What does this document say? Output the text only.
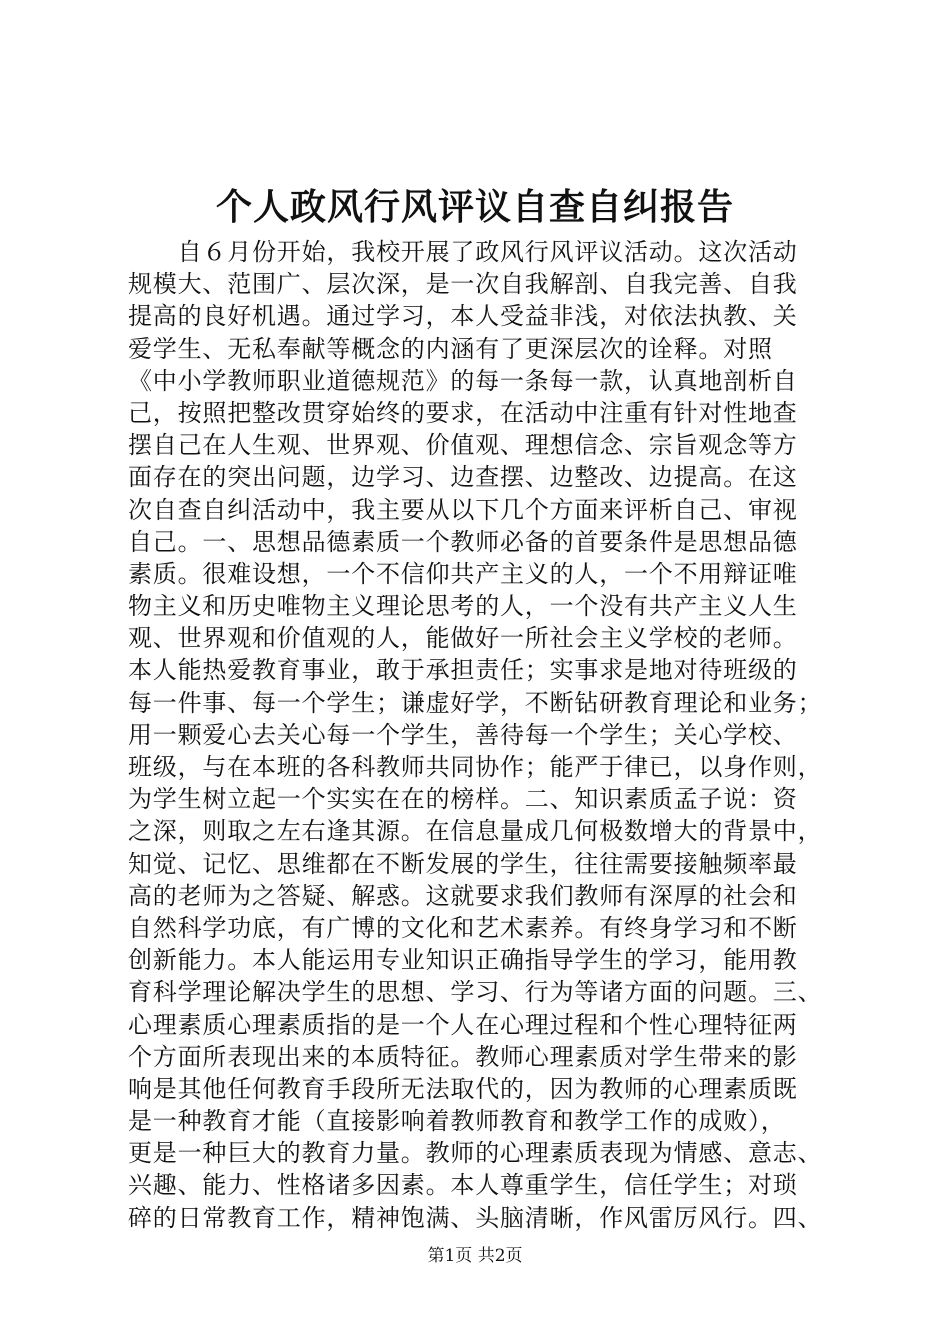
个人政风行风评议自查自纠报告
　　自６月份开始，我校开展了政风行风评议活动。这次活动
规模大、范围广、层次深，是一次自我解剖、自我完善、自我
提高的良好机遇。通过学习，本人受益非浅，对依法执教、关
爱学生、无私奉献等概念的内涵有了更深层次的诠释。对照
《中小学教师职业道德规范》的每一条每一款，认真地剖析自
己，按照把整改贯穿始终的要求，在活动中注重有针对性地查
摆自己在人生观、世界观、价值观、理想信念、宗旨观念等方
面存在的突出问题，边学习、边查摆、边整改、边提高。在这
次自查自纠活动中，我主要从以下几个方面来评析自己、审视
自己。一、思想品德素质一个教师必备的首要条件是思想品德
素质。很难设想，一个不信仰共产主义的人，一个不用辩证唯
物主义和历史唯物主义理论思考的人，一个没有共产主义人生
观、世界观和价值观的人，能做好一所社会主义学校的老师。
本人能热爱教育事业，敢于承担责任；实事求是地对待班级的
每一件事、每一个学生；谦虚好学，不断钻研教育理论和业务；
用一颗爱心去关心每一个学生，善待每一个学生；关心学校、
班级，与在本班的各科教师共同协作；能严于律已，以身作则，
为学生树立起一个实实在在的榜样。二、知识素质孟子说：资
之深，则取之左右逢其源。在信息量成几何极数增大的背景中，
知觉、记忆、思维都在不断发展的学生，往往需要接触频率最
高的老师为之答疑、解惑。这就要求我们教师有深厚的社会和
自然科学功底，有广博的文化和艺术素养。有终身学习和不断
创新能力。本人能运用专业知识正确指导学生的学习，能用教
育科学理论解决学生的思想、学习、行为等诸方面的问题。三、
心理素质心理素质指的是一个人在心理过程和个性心理特征两
个方面所表现出来的本质特征。教师心理素质对学生带来的影
响是其他任何教育手段所无法取代的，因为教师的心理素质既
是一种教育才能（直接影响着教师教育和教学工作的成败），
更是一种巨大的教育力量。教师的心理素质表现为情感、意志、
兴趣、能力、性格诸多因素。本人尊重学生，信任学生；对琐
碎的日常教育工作，精神饱满、头脑清晰，作风雷厉风行。四、
第1页 共2页
